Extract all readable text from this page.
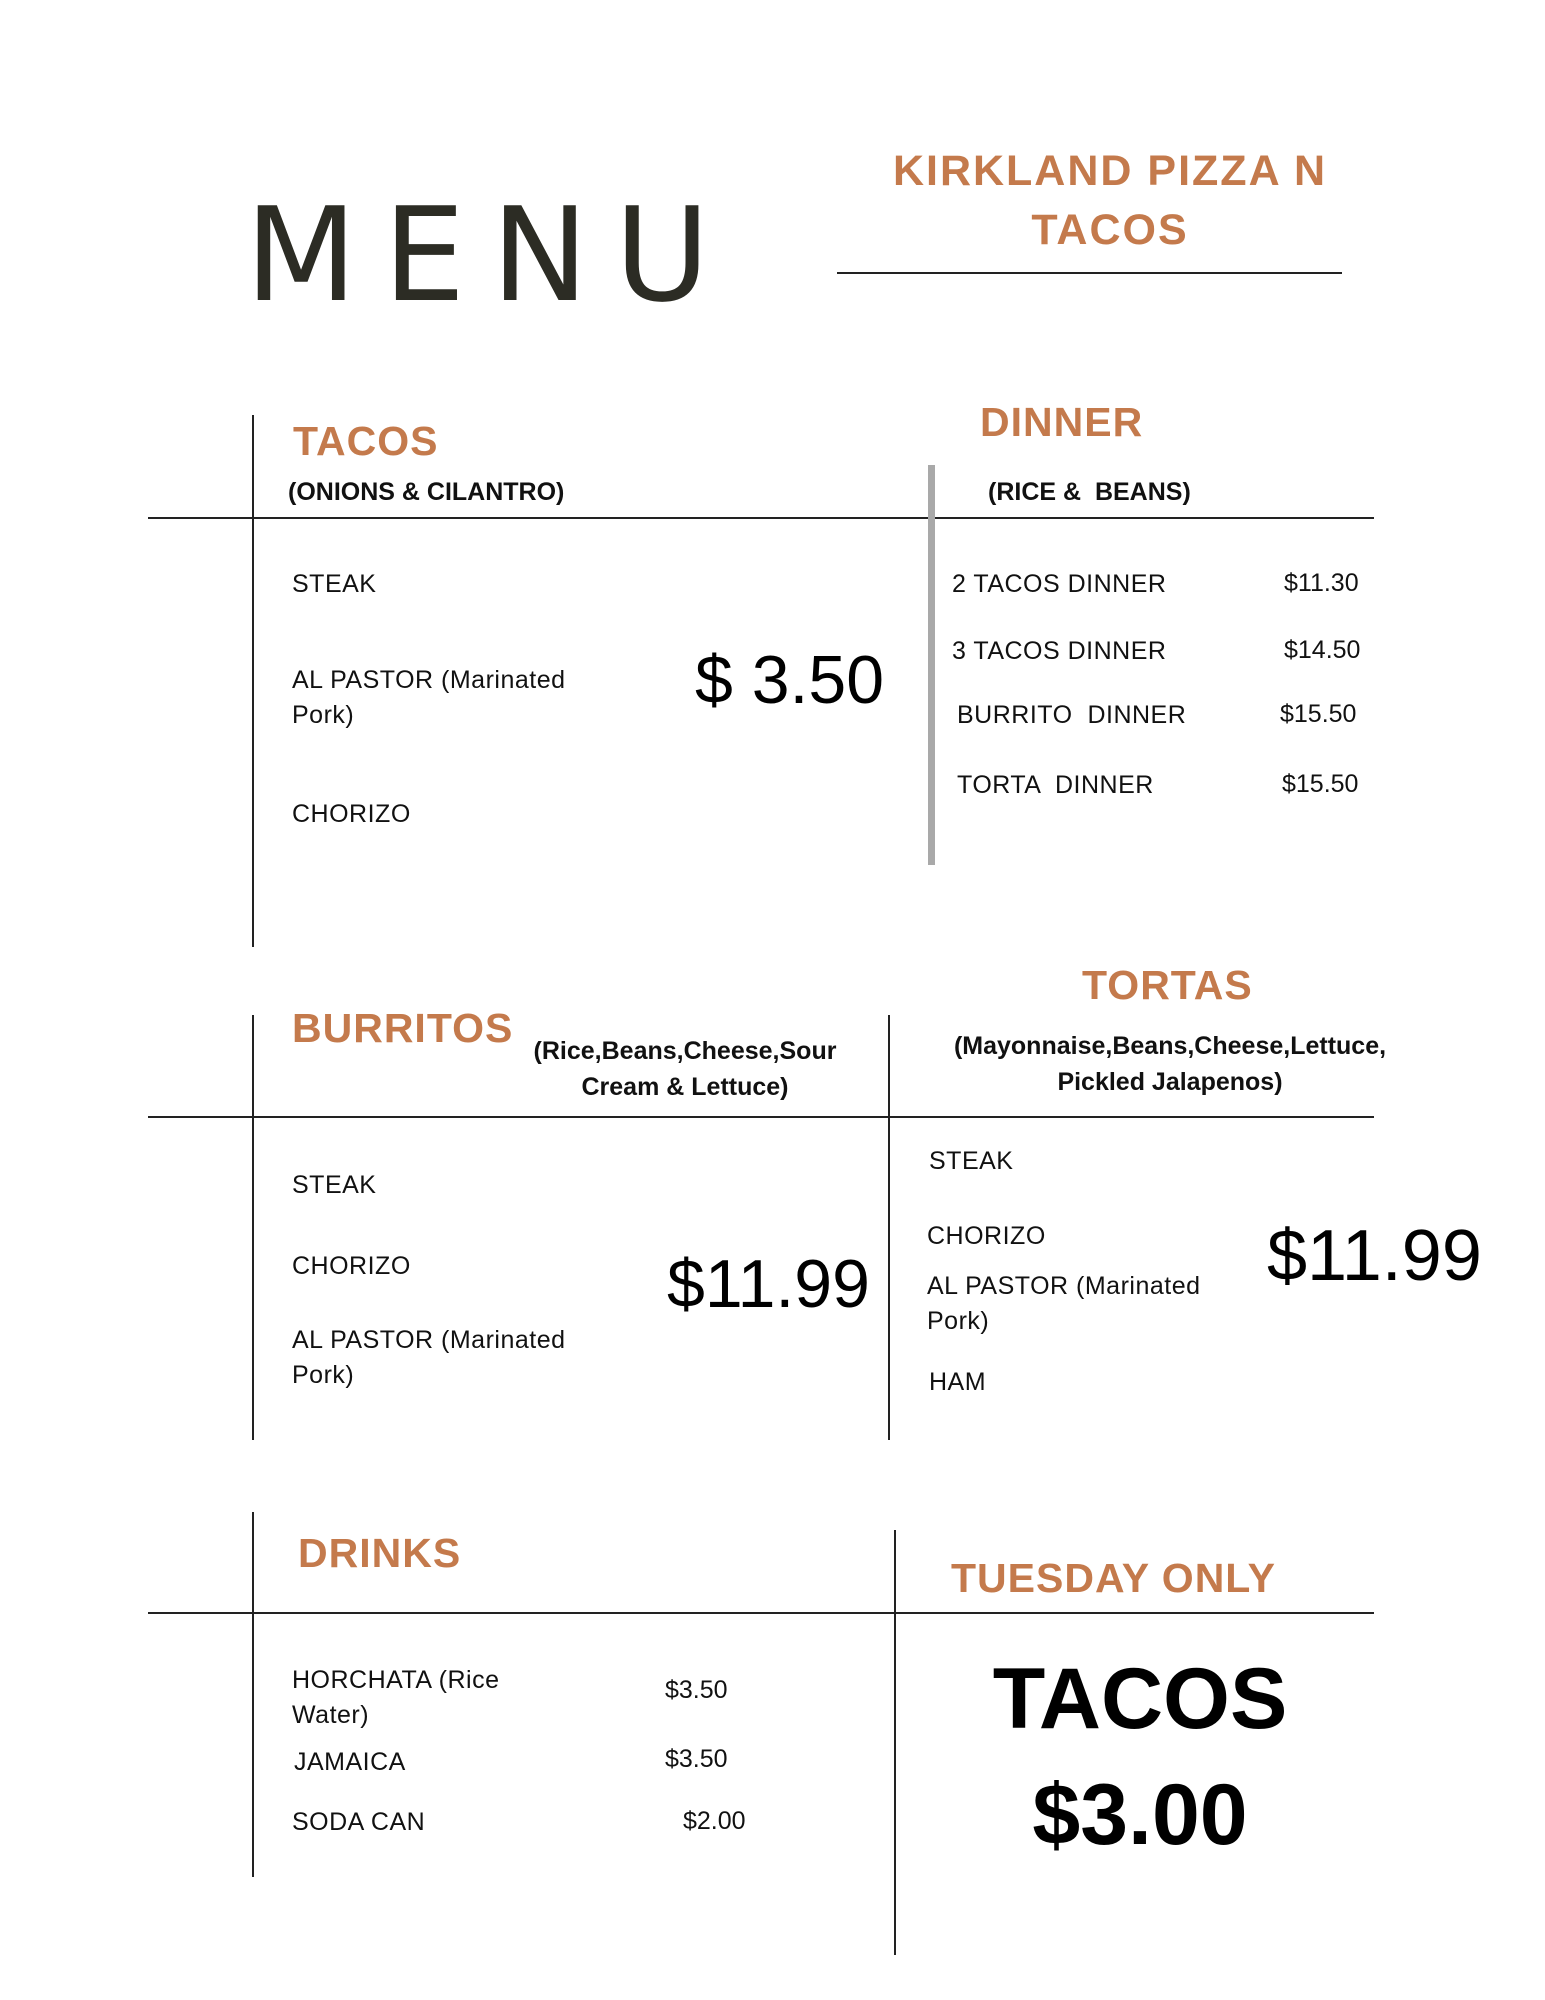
MENU
KIRKLAND PIZZA N
TACOS
TACOS
(ONIONS & CILANTRO)
STEAK
AL PASTOR (Marinated Pork)
CHORIZO
$ 3.50
DINNER
(RICE &  BEANS)
2 TACOS DINNER	$11.30
3 TACOS DINNER	$14.50
BURRITO  DINNER	$15.50
TORTA  DINNER	$15.50
BURRITOS (Rice,Beans,Cheese,Sour
Cream & Lettuce)
STEAK
CHORIZO
AL PASTOR (Marinated Pork)
$11.99
TORTAS
(Mayonnaise,Beans,Cheese,Lettuce,
Pickled Jalapenos)
STEAK
CHORIZO
AL PASTOR (Marinated Pork)
HAM
$11.99
DRINKS
HORCHATA (Rice Water)
$3.50
JAMAICA	$3.50
SODA CAN	$2.00
TUESDAY ONLY
TACOS
$3.00
